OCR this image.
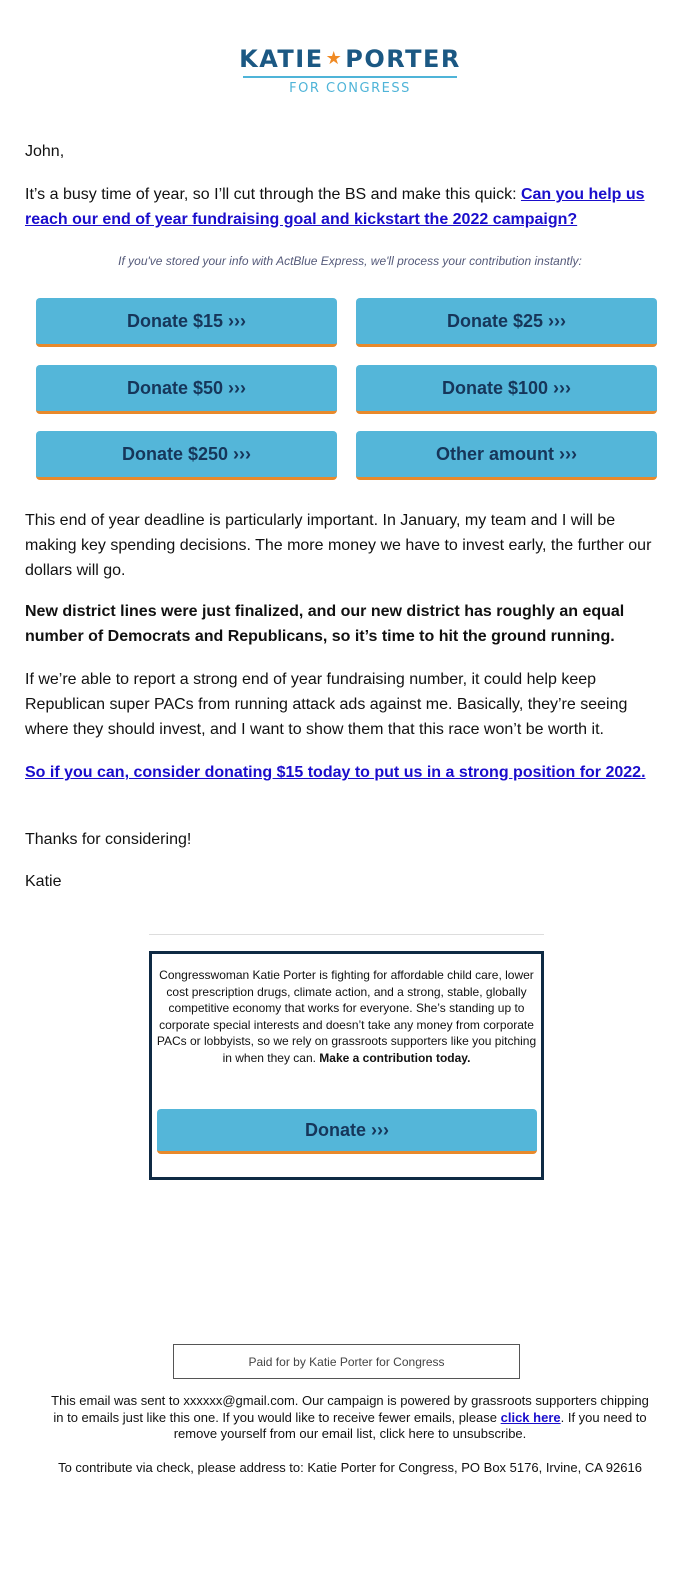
KATIE ★PORTER
FOR CONGRESS

John,

It’s a busy time of year, so I’ll cut through the BS and make this quick: Can you help us reach our end of year fundraising goal and kickstart the 2022 campaign?

If you've stored your info with ActBlue Express, we'll process your contribution instantly:
Donate $15 ›››	Donate $25 ›››
Donate $50 ›››	Donate $100 ›››
Donate $250 ›››	Other amount ›››

This end of year deadline is particularly important. In January, my team and I will be making key spending decisions. The more money we have to invest early, the further our dollars will go.

New district lines were just finalized, and our new district has roughly an equal number of Democrats and Republicans, so it’s time to hit the ground running.

If we’re able to report a strong end of year fundraising number, it could help keep Republican super PACs from running attack ads against me. Basically, they’re seeing where they should invest, and I want to show them that this race won’t be worth it.

So if you can, consider donating $15 today to put us in a strong position for 2022.

Thanks for considering!

Katie

Congresswoman Katie Porter is fighting for affordable child care, lower cost prescription drugs, climate action, and a strong, stable, globally competitive economy that works for everyone. She’s standing up to corporate special interests and doesn’t take any money from corporate PACs or lobbyists, so we rely on grassroots supporters like you pitching in when they can. Make a contribution today.

Donate ›››
Paid for by Katie Porter for Congress

This email was sent to xxxxxx@gmail.com. Our campaign is powered by grassroots supporters chipping in to emails just like this one. If you would like to receive fewer emails, please click here. If you need to remove yourself from our email list, click here to unsubscribe.

To contribute via check, please address to: Katie Porter for Congress, PO Box 5176, Irvine, CA 92616
